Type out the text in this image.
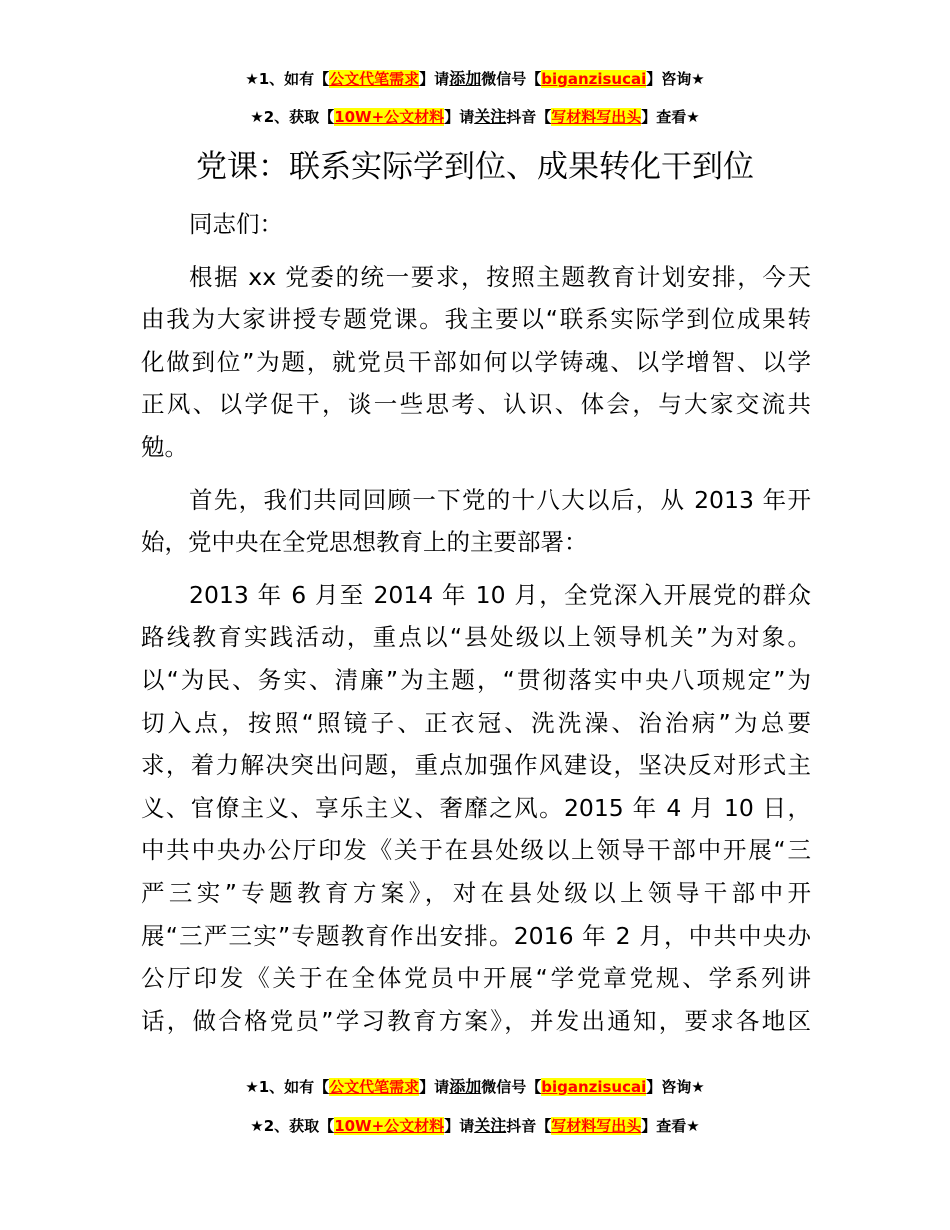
★1、如有【公文代笔需求】请添加微信号【biganzisucai】咨询★
★2、获取【10W+公文材料】请关注抖音【写材料写出头】查看★
党课：联系实际学到位、成果转化干到位

同志们：

根据 xx 党委的统一要求，按照主题教育计划安排，今天
由我为大家讲授专题党课。我主要以“联系实际学到位成果转
化做到位”为题，就党员干部如何以学铸魂、以学增智、以学
正风、以学促干，谈一些思考、认识、体会，与大家交流共
勉。

首先，我们共同回顾一下党的十八大以后，从 2013 年开
始，党中央在全党思想教育上的主要部署：

2013 年 6 月至 2014 年 10 月，全党深入开展党的群众
路线教育实践活动，重点以“县处级以上领导机关”为对象。
以“为民、务实、清廉”为主题，“贯彻落实中央八项规定”为
切入点，按照“照镜子、正衣冠、洗洗澡、治治病”为总要
求，着力解决突出问题，重点加强作风建设，坚决反对形式主
义、官僚主义、享乐主义、奢靡之风。2015 年 4 月 10 日，
中共中央办公厅印发《关于在县处级以上领导干部中开展“三
严三实”专题教育方案》，对在县处级以上领导干部中开
展“三严三实”专题教育作出安排。2016 年 2 月，中共中央办
公厅印发《关于在全体党员中开展“学党章党规、学系列讲
话，做合格党员”学习教育方案》，并发出通知，要求各地区

★1、如有【公文代笔需求】请添加微信号【biganzisucai】咨询★
★2、获取【10W+公文材料】请关注抖音【写材料写出头】查看★
